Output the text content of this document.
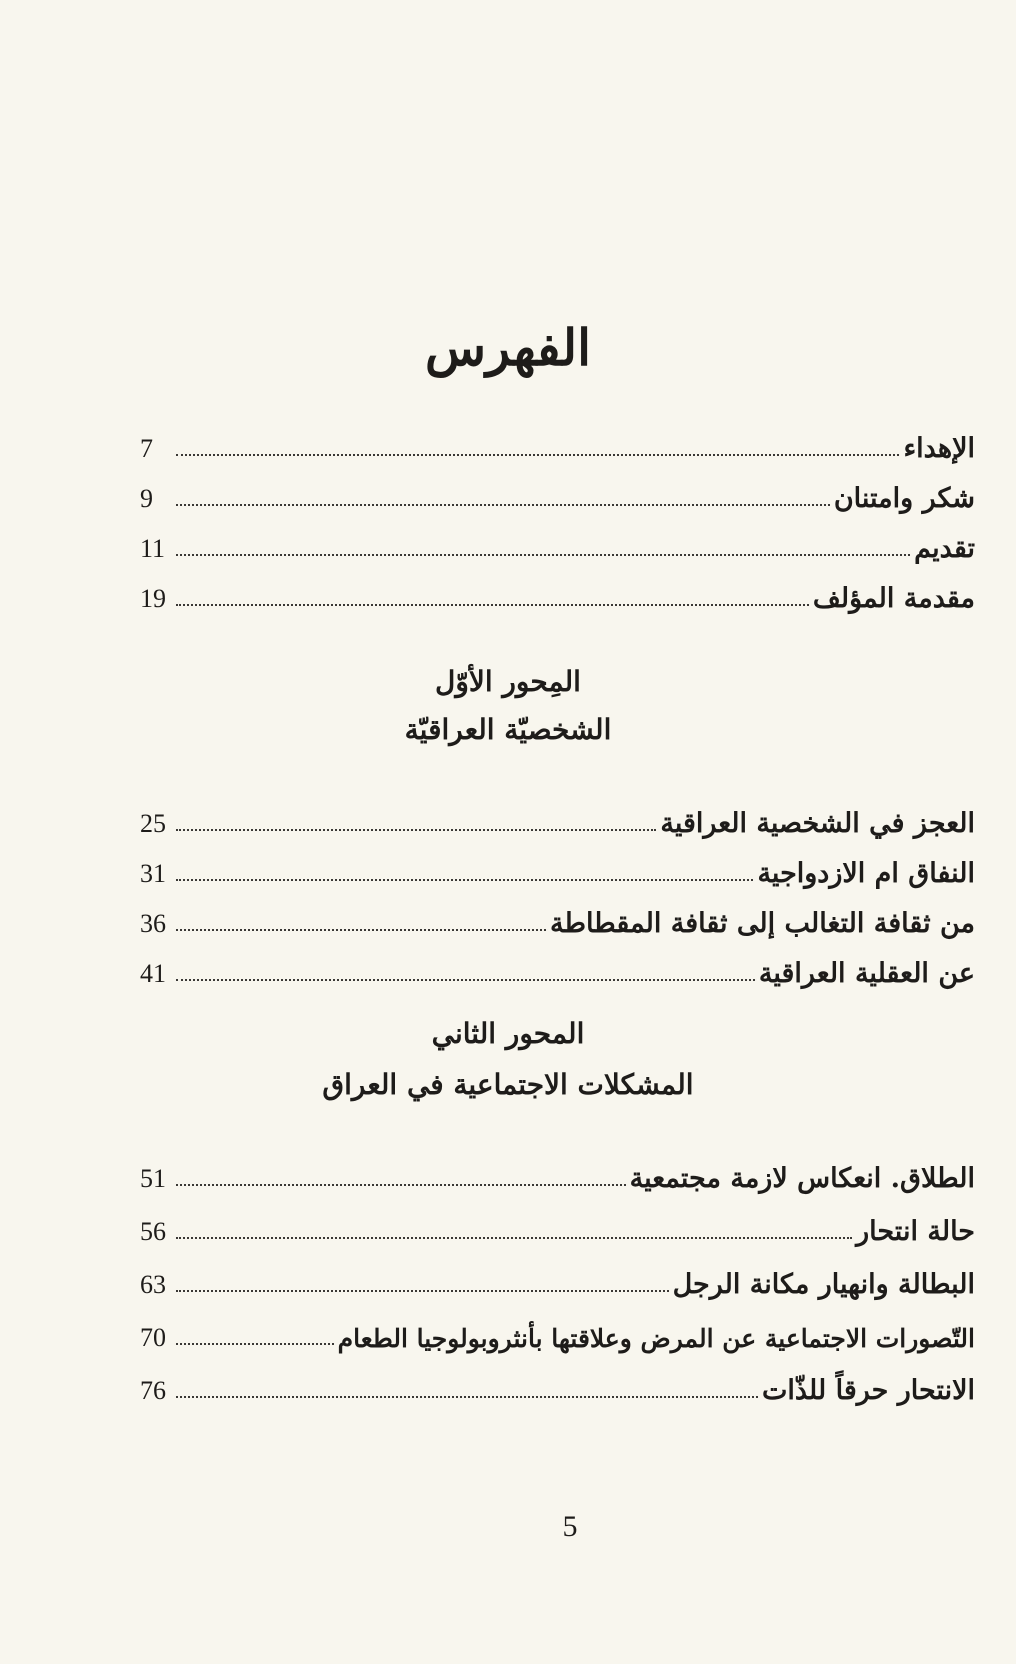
الفهرس
الإهداء
7
شكر وامتنان
9
تقديم
11
مقدمة المؤلف
19
المِحور الأوّل
الشخصيّة العراقيّة
العجز في الشخصية العراقية
25
النفاق ام الازدواجية
31
من ثقافة التغالب إلى ثقافة المقطاطة
36
عن العقلية العراقية
41
المحور الثاني
المشكلات الاجتماعية في العراق
الطلاق. انعكاس لازمة مجتمعية
51
حالة انتحار
56
البطالة وانهيار مكانة الرجل
63
التّصورات الاجتماعية عن المرض وعلاقتها بأنثروبولوجيا الطعام
70
الانتحار حرقاً للذّات
76
5
